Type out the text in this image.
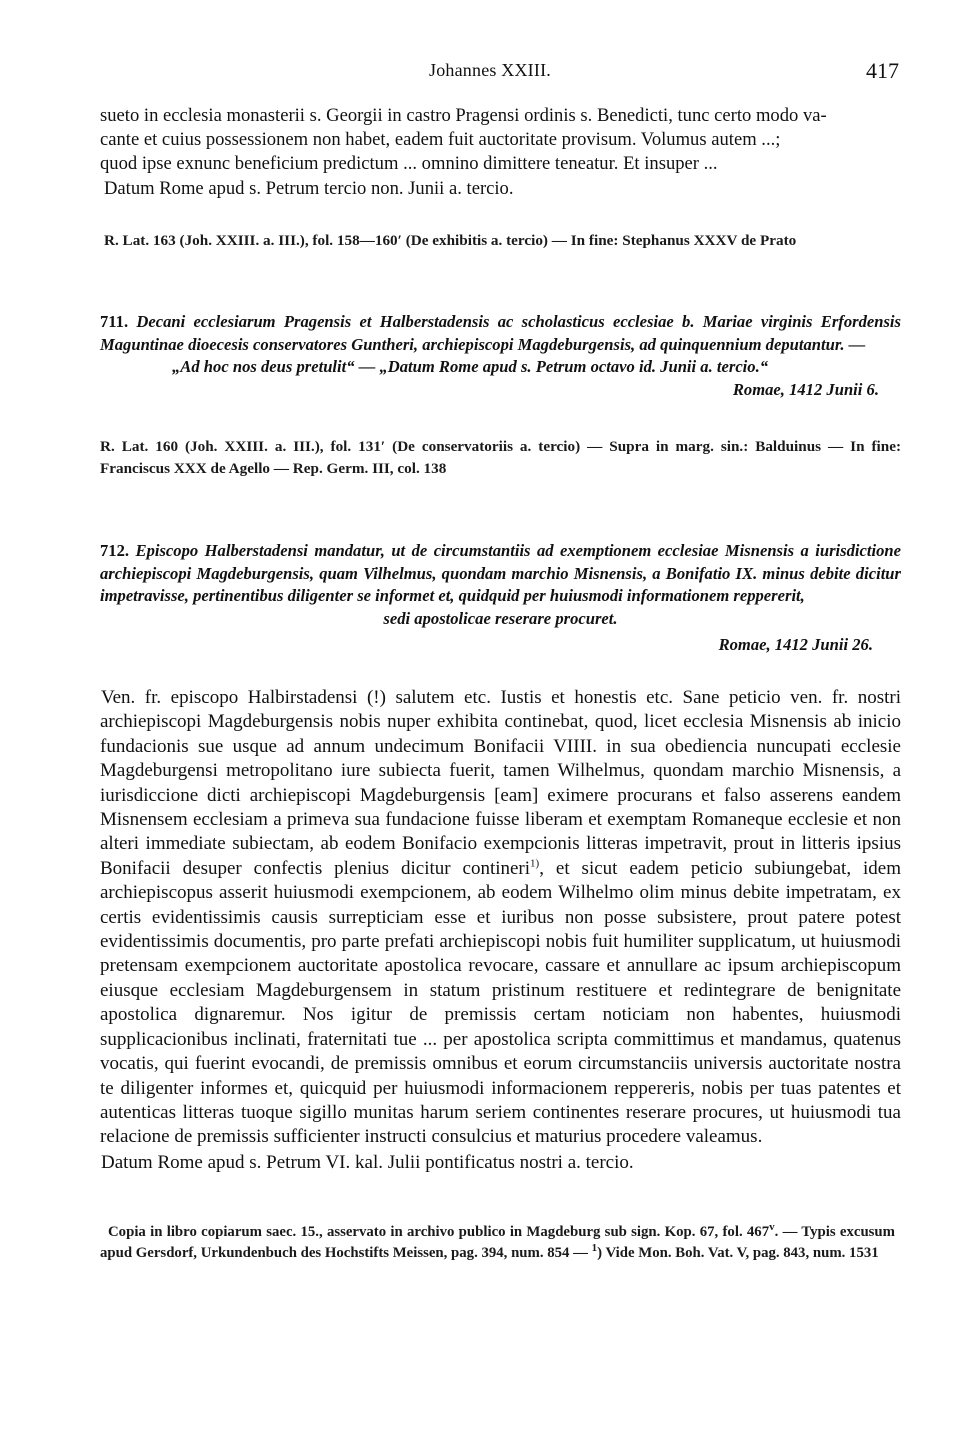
Johannes XXIII.	417

sueto in ecclesia monasterii s. Georgii in castro Pragensi ordinis s. Benedicti, tunc certo modo va-

cante et cuius possessionem non habet, eadem fuit auctoritate provisum. Volumus autem ...;

quod ipse exnunc beneficium predictum ... omnino dimittere teneatur. Et insuper ...

Datum Rome apud s. Petrum tercio non. Junii a. tercio.

R. Lat. 163 (Joh. XXIII. a. III.), fol. 158—160′ (De exhibitis a. tercio) — In fine: Stephanus XXXV de Prato

711. Decani ecclesiarum Pragensis et Halberstadensis ac scholasticus ecclesiae b. Mariae virginis Erfordensis Maguntinae dioecesis conservatores Guntheri, archiepiscopi Magdeburgensis, ad quinquennium deputantur. —

„Ad hoc nos deus pretulit“ — „Datum Rome apud s. Petrum octavo id. Junii a. tercio.“

Romae, 1412 Junii 6.

R. Lat. 160 (Joh. XXIII. a. III.), fol. 131′ (De conservatoriis a. tercio) — Supra in marg. sin.: Balduinus — In fine: Franciscus XXX de Agello — Rep. Germ. III, col. 138

712. Episcopo Halberstadensi mandatur, ut de circumstantiis ad exemptionem ecclesiae Misnensis a iurisdictione archiepiscopi Magdeburgensis, quam Vilhelmus, quondam marchio Misnensis, a Bonifatio IX. minus debite dicitur impetravisse, pertinentibus diligenter se informet et, quidquid per huiusmodi informationem reppererit,

sedi apostolicae reserare procuret.

Romae, 1412 Junii 26.

Ven. fr. episcopo Halbirstadensi (!) salutem etc. Iustis et honestis etc. Sane peticio ven. fr. nostri archiepiscopi Magdeburgensis nobis nuper exhibita continebat, quod, licet ecclesia Misnensis ab inicio fundacionis sue usque ad annum undecimum Bonifacii VIIII. in sua obediencia nuncupati ecclesie Magdeburgensi metropolitano iure subiecta fuerit, tamen Wilhelmus, quondam marchio Misnensis, a iurisdiccione dicti archiepiscopi Magdeburgensis [eam] eximere procurans et falso asserens eandem Misnensem ecclesiam a primeva sua fundacione fuisse liberam et exemptam Romaneque ecclesie et non alteri immediate subiectam, ab eodem Bonifacio exempcionis litteras impetravit, prout in litteris ipsius Bonifacii desuper confectis plenius dicitur contineri$^{1)}$, et sicut eadem peticio subiungebat, idem archiepiscopus asserit huiusmodi exempcionem, ab eodem Wilhelmo olim minus debite impetratam, ex certis evidentissimis causis surrepticiam esse et iuribus non posse subsistere, prout patere potest evidentissimis documentis, pro parte prefati archiepiscopi nobis fuit humiliter supplicatum, ut huiusmodi pretensam exempcionem auctoritate apostolica revocare, cassare et annullare ac ipsum archiepiscopum eiusque ecclesiam Magdeburgensem in statum pristinum restituere et redintegrare de benignitate apostolica dignaremur. Nos igitur de premissis certam noticiam non habentes, huiusmodi supplicacionibus inclinati, fraternitati tue ... per apostolica scripta committimus et mandamus, quatenus vocatis, qui fuerint evocandi, de premissis omnibus et eorum circumstanciis universis auctoritate nostra te diligenter informes et, quicquid per huiusmodi informacionem reppereris, nobis per tuas patentes et autenticas litteras tuoque sigillo munitas harum seriem continentes reserare procures, ut huiusmodi tua relacione de premissis sufficienter instructi consulcius et maturius procedere valeamus.

Datum Rome apud s. Petrum VI. kal. Julii pontificatus nostri a. tercio.

Copia in libro copiarum saec. 15., asservato in archivo publico in Magdeburg sub sign. Kop. 67, fol. 467$^v$. — Typis excusum apud Gersdorf, Urkundenbuch des Hochstifts Meissen, pag. 394, num. 854 — $^1$) Vide Mon. Boh. Vat. V, pag. 843, num. 1531
